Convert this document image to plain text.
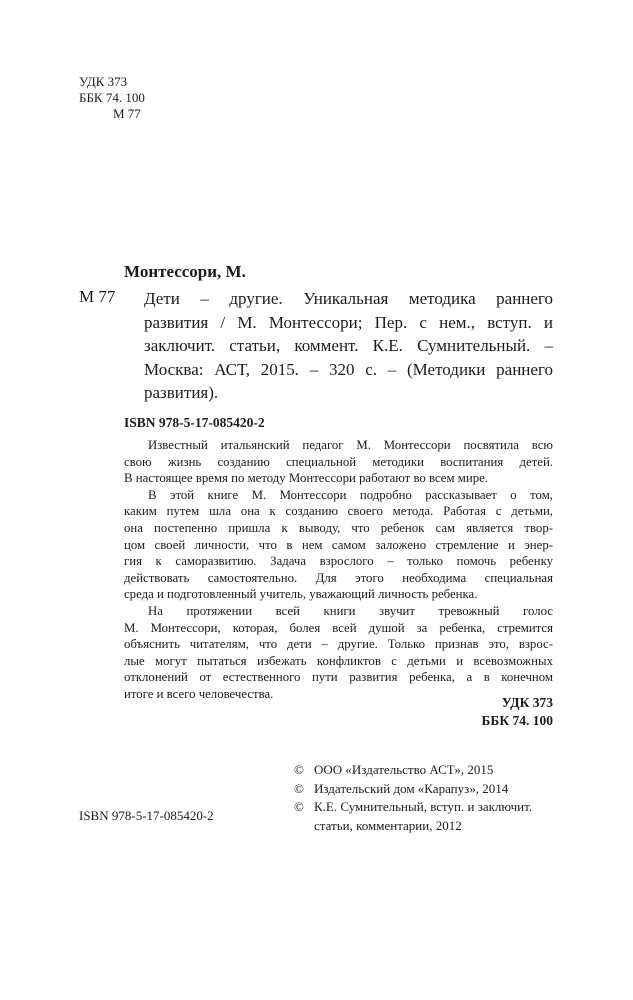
УДК 373
ББК 74. 100
М 77
Монтессори, М.
М 77 Дети – другие. Уникальная методика раннего
развития / М. Монтессори; Пер. с нем., вступ. и
заключит. статьи, коммент. К.Е. Сумнительный. –
Москва: АСТ, 2015. – 320 с. – (Методики раннего
развития).
ISBN 978-5-17-085420-2
Известный итальянский педагог М. Монтессори посвятила всю
свою жизнь созданию специальной методики воспитания детей.
В настоящее время по методу Монтессори работают во всем мире.
В этой книге М. Монтессори подробно рассказывает о том,
каким путем шла она к созданию своего метода. Работая с детьми,
она постепенно пришла к выводу, что ребенок сам является твор-
цом своей личности, что в нем самом заложено стремление и энер-
гия к саморазвитию. Задача взрослого – только помочь ребенку
действовать самостоятельно. Для этого необходима специальная
среда и подготовленный учитель, уважающий личность ребенка.
На протяжении всей книги звучит тревожный голос
М. Монтессори, которая, болея всей душой за ребенка, стремится
объяснить читателям, что дети – другие. Только признав это, взрос-
лые могут пытаться избежать конфликтов с детьми и всевозможных
отклонений от естественного пути развития ребенка, а в конечном
итоге и всего человечества.
УДК 373
ББК 74. 100
© ООО «Издательство АСТ», 2015
© Издательский дом «Карапуз», 2014
© К.Е. Сумнительный, вступ. и заключит.
статьи, комментарии, 2012
ISBN 978-5-17-085420-2
